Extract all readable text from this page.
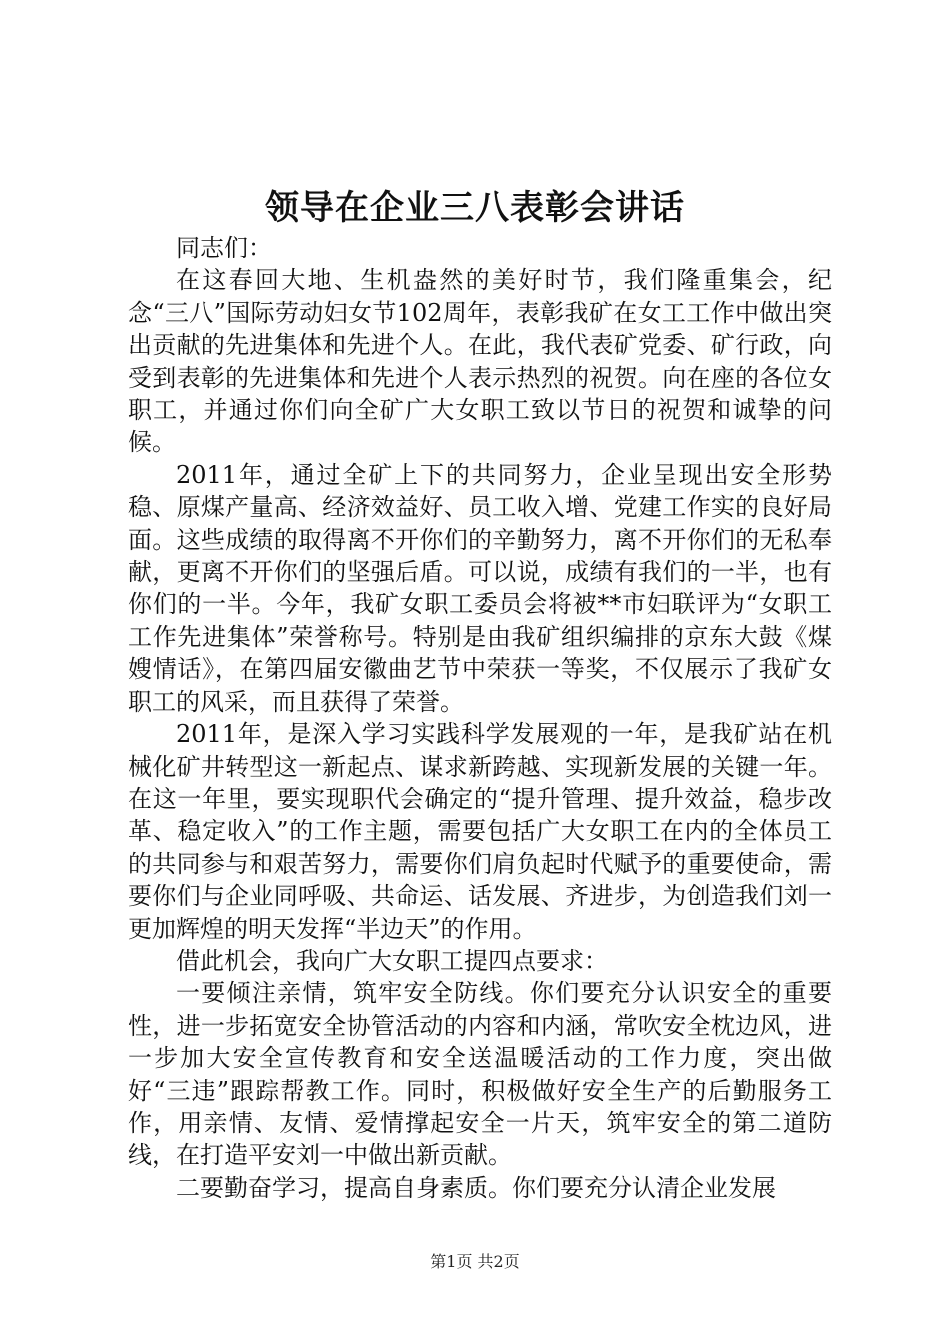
领导在企业三八表彰会讲话

同志们：

在这春回大地、生机盎然的美好时节，我们隆重集会，纪念“三八”国际劳动妇女节102周年，表彰我矿在女工工作中做出突出贡献的先进集体和先进个人。在此，我代表矿党委、矿行政，向受到表彰的先进集体和先进个人表示热烈的祝贺。向在座的各位女职工，并通过你们向全矿广大女职工致以节日的祝贺和诚挚的问候。

2011年，通过全矿上下的共同努力，企业呈现出安全形势稳、原煤产量高、经济效益好、员工收入增、党建工作实的良好局面。这些成绩的取得离不开你们的辛勤努力，离不开你们的无私奉献，更离不开你们的坚强后盾。可以说，成绩有我们的一半，也有你们的一半。今年，我矿女职工委员会将被**市妇联评为“女职工工作先进集体”荣誉称号。特别是由我矿组织编排的京东大鼓《煤嫂情话》，在第四届安徽曲艺节中荣获一等奖，不仅展示了我矿女职工的风采，而且获得了荣誉。

2011年，是深入学习实践科学发展观的一年，是我矿站在机械化矿井转型这一新起点、谋求新跨越、实现新发展的关键一年。在这一年里，要实现职代会确定的“提升管理、提升效益，稳步改革、稳定收入”的工作主题，需要包括广大女职工在内的全体员工的共同参与和艰苦努力，需要你们肩负起时代赋予的重要使命，需要你们与企业同呼吸、共命运、话发展、齐进步，为创造我们刘一更加辉煌的明天发挥“半边天”的作用。

借此机会，我向广大女职工提四点要求：

一要倾注亲情，筑牢安全防线。你们要充分认识安全的重要性，进一步拓宽安全协管活动的内容和内涵，常吹安全枕边风，进一步加大安全宣传教育和安全送温暖活动的工作力度，突出做好“三违”跟踪帮教工作。同时，积极做好安全生产的后勤服务工作，用亲情、友情、爱情撑起安全一片天，筑牢安全的第二道防线，在打造平安刘一中做出新贡献。

二要勤奋学习，提高自身素质。你们要充分认清企业发展

第1页 共2页
